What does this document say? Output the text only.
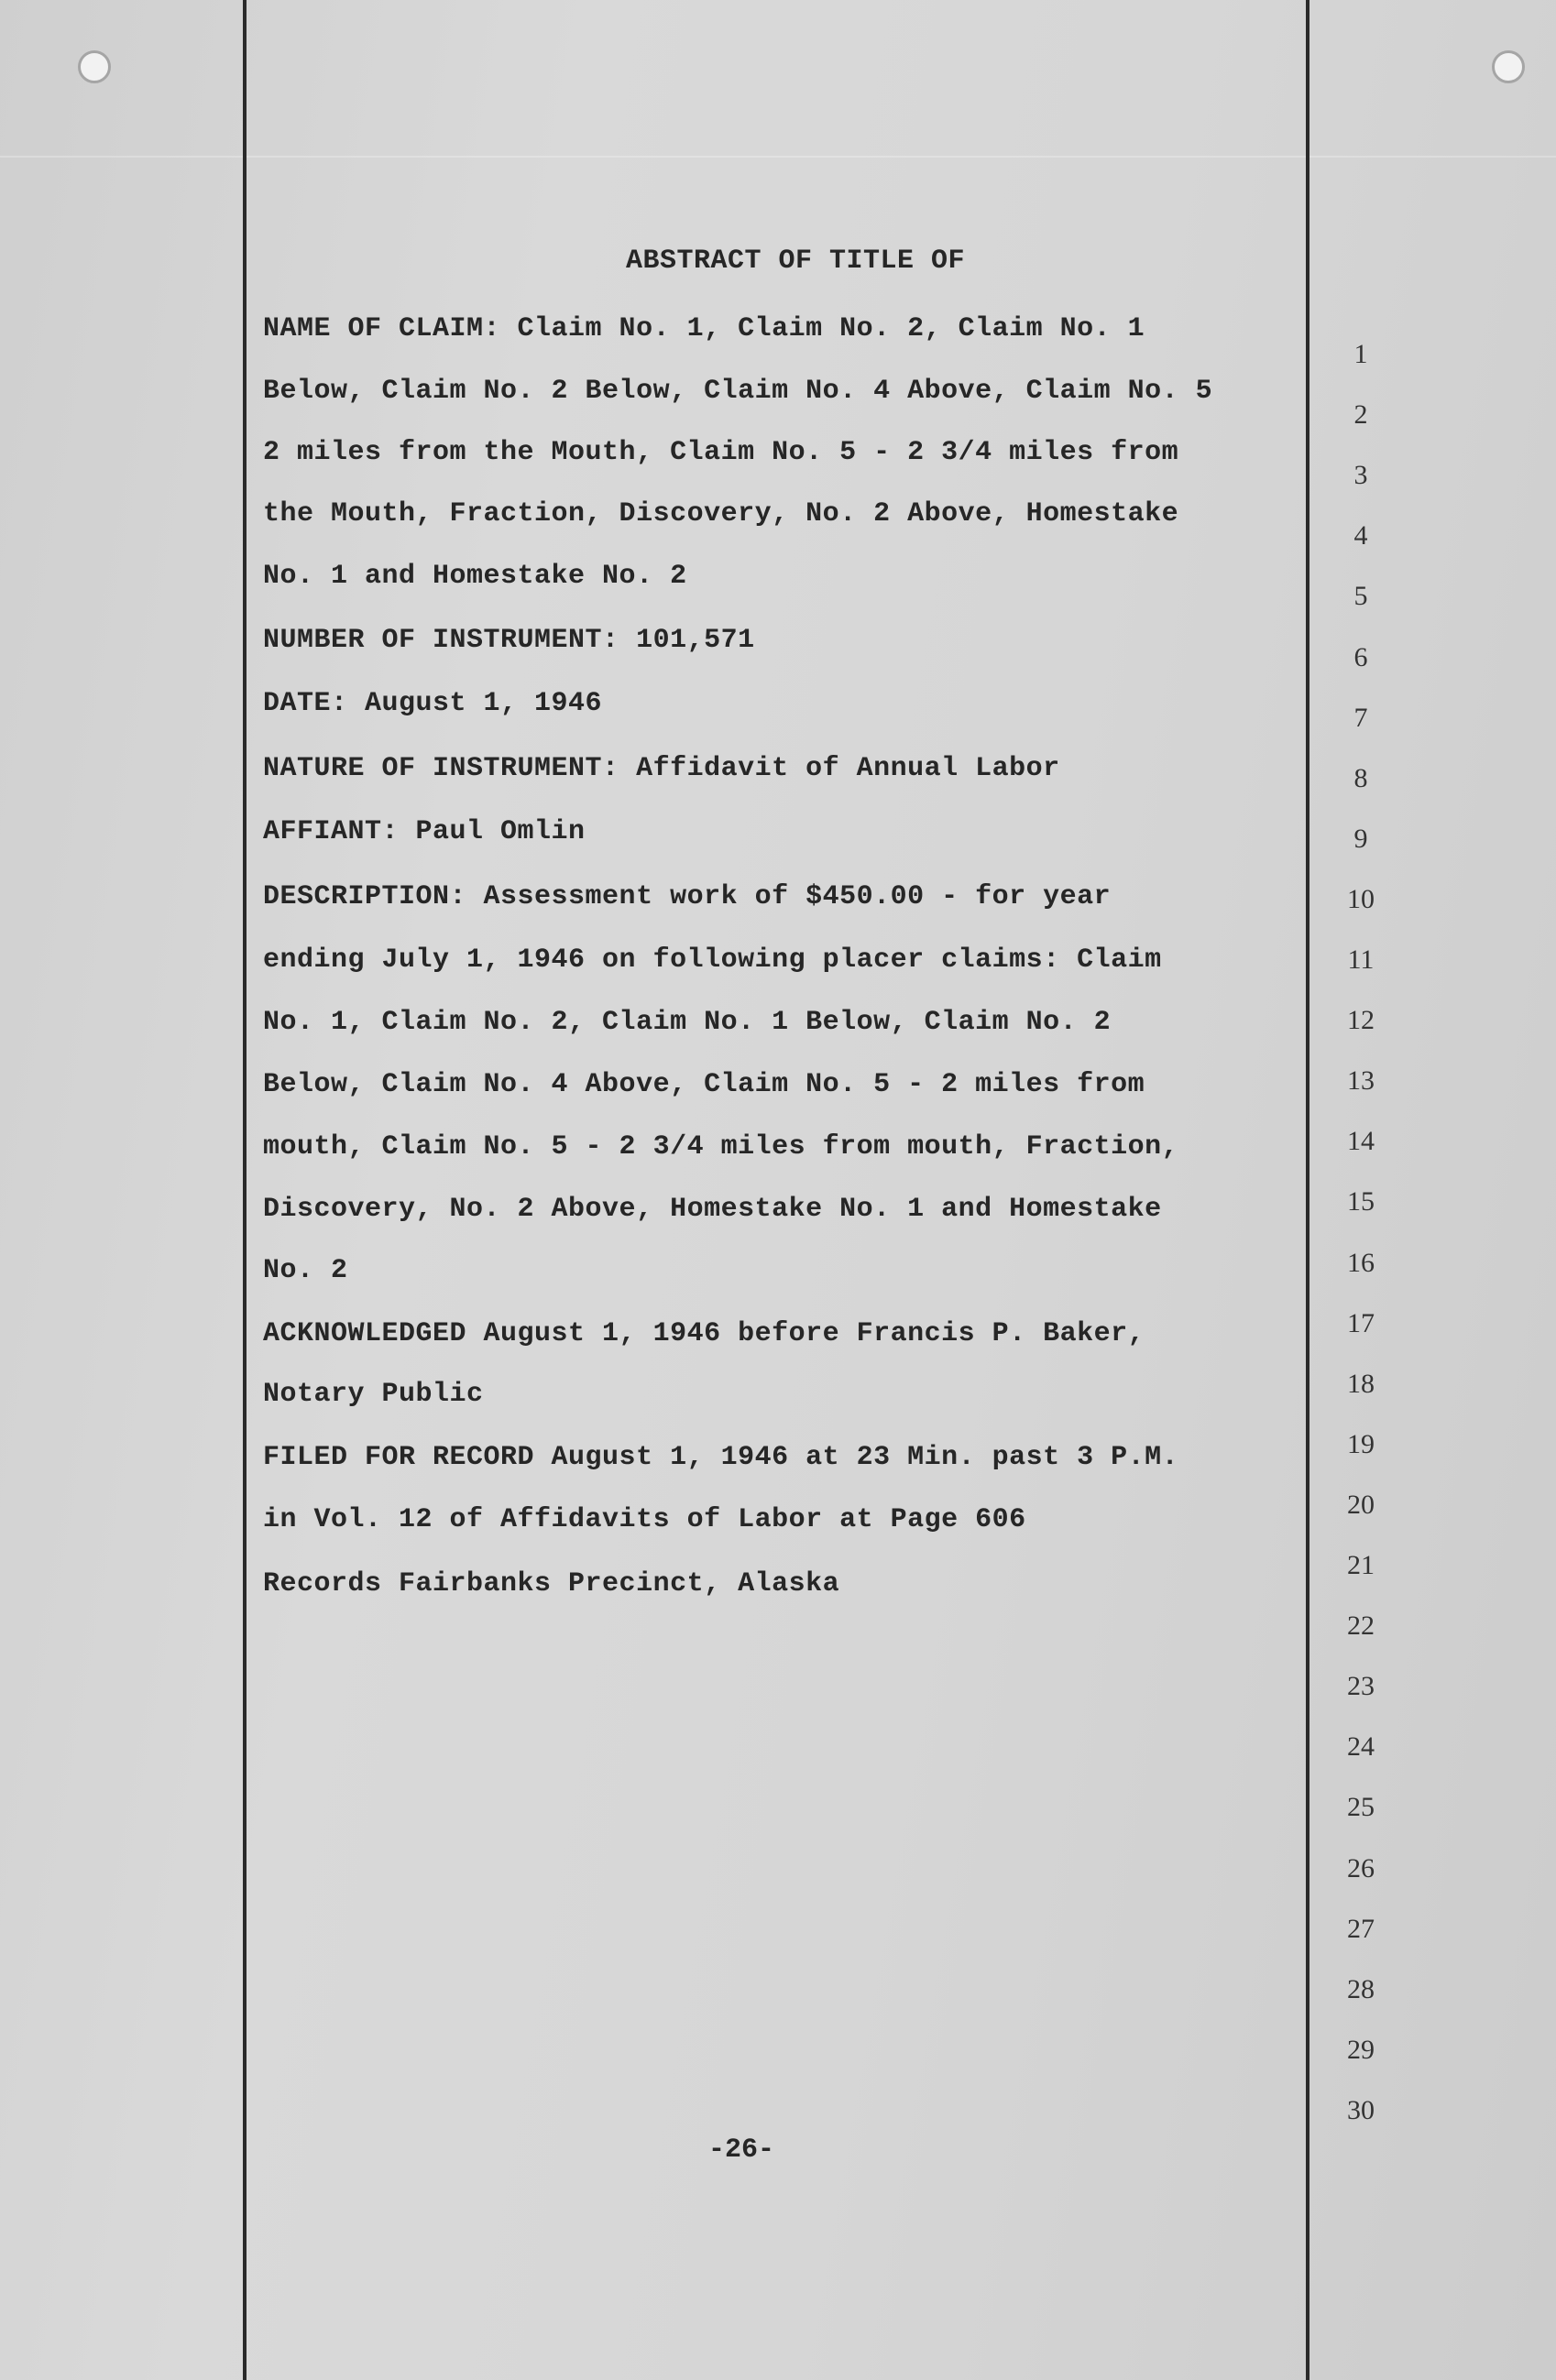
ABSTRACT OF TITLE OF
NAME OF CLAIM: Claim No. 1, Claim No. 2, Claim No. 1
Below, Claim No. 2 Below, Claim No. 4 Above, Claim No. 5
2 miles from the Mouth, Claim No. 5 - 2 3/4 miles from
the Mouth, Fraction, Discovery, No. 2 Above, Homestake
No. 1 and Homestake No. 2
NUMBER OF INSTRUMENT: 101,571
DATE: August 1, 1946
NATURE OF INSTRUMENT: Affidavit of Annual Labor
AFFIANT: Paul Omlin
DESCRIPTION: Assessment work of $450.00 - for year
ending July 1, 1946 on following placer claims: Claim
No. 1, Claim No. 2, Claim No. 1 Below, Claim No. 2
Below, Claim No. 4 Above, Claim No. 5 - 2 miles from
mouth, Claim No. 5 - 2 3/4 miles from mouth, Fraction,
Discovery, No. 2 Above, Homestake No. 1 and Homestake
No. 2
ACKNOWLEDGED August 1, 1946 before Francis P. Baker,
Notary Public
FILED FOR RECORD August 1, 1946 at 23 Min. past 3 P.M.
in Vol. 12 of Affidavits of Labor at Page 606
Records Fairbanks Precinct, Alaska
1
2
3
4
5
6
7
8
9
10
11
12
13
14
15
16
17
18
19
20
21
22
23
24
25
26
27
28
29
30
-26-
